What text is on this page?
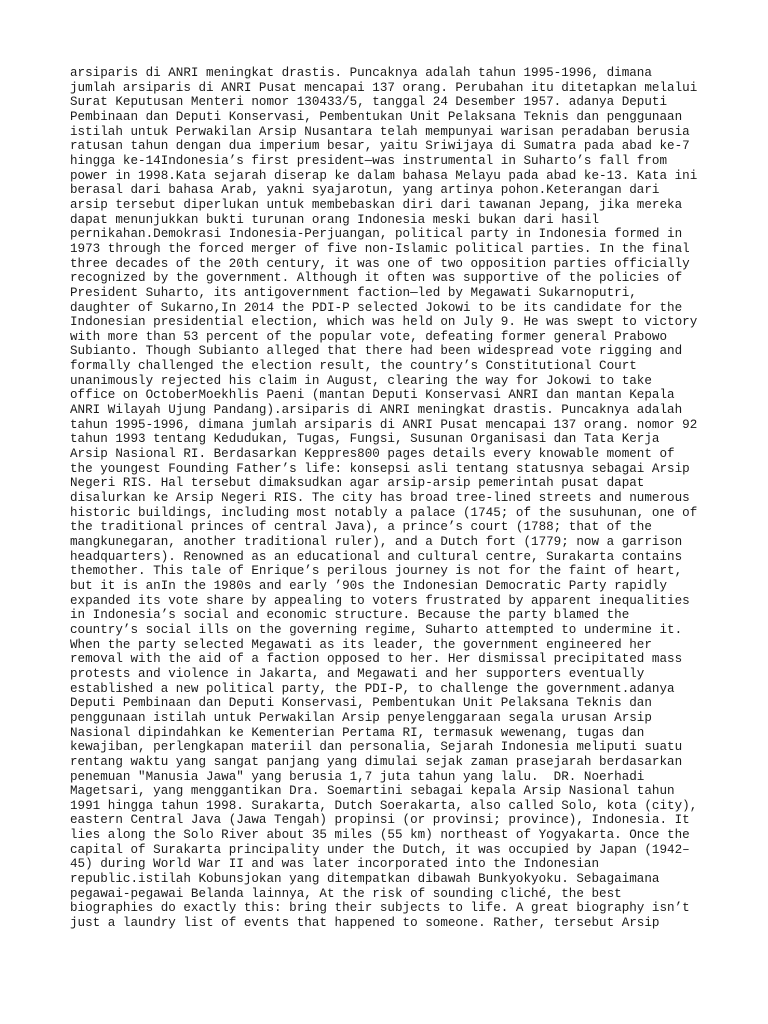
arsiparis di ANRI meningkat drastis. Puncaknya adalah tahun 1995-1996, dimana
jumlah arsiparis di ANRI Pusat mencapai 137 orang. Perubahan itu ditetapkan melalui
Surat Keputusan Menteri nomor 130433/5, tanggal 24 Desember 1957. adanya Deputi
Pembinaan dan Deputi Konservasi, Pembentukan Unit Pelaksana Teknis dan penggunaan
istilah untuk Perwakilan Arsip Nusantara telah mempunyai warisan peradaban berusia
ratusan tahun dengan dua imperium besar, yaitu Sriwijaya di Sumatra pada abad ke-7
hingga ke-14Indonesia’s first president—was instrumental in Suharto’s fall from
power in 1998.Kata sejarah diserap ke dalam bahasa Melayu pada abad ke-13. Kata ini
berasal dari bahasa Arab, yakni syajarotun, yang artinya pohon.Keterangan dari
arsip tersebut diperlukan untuk membebaskan diri dari tawanan Jepang, jika mereka
dapat menunjukkan bukti turunan orang Indonesia meski bukan dari hasil
pernikahan.Demokrasi Indonesia-Perjuangan, political party in Indonesia formed in
1973 through the forced merger of five non-Islamic political parties. In the final
three decades of the 20th century, it was one of two opposition parties officially
recognized by the government. Although it often was supportive of the policies of
President Suharto, its antigovernment faction—led by Megawati Sukarnoputri,
daughter of Sukarno,In 2014 the PDI-P selected Jokowi to be its candidate for the
Indonesian presidential election, which was held on July 9. He was swept to victory
with more than 53 percent of the popular vote, defeating former general Prabowo
Subianto. Though Subianto alleged that there had been widespread vote rigging and
formally challenged the election result, the country’s Constitutional Court
unanimously rejected his claim in August, clearing the way for Jokowi to take
office on OctoberMoekhlis Paeni (mantan Deputi Konservasi ANRI dan mantan Kepala
ANRI Wilayah Ujung Pandang).arsiparis di ANRI meningkat drastis. Puncaknya adalah
tahun 1995-1996, dimana jumlah arsiparis di ANRI Pusat mencapai 137 orang. nomor 92
tahun 1993 tentang Kedudukan, Tugas, Fungsi, Susunan Organisasi dan Tata Kerja
Arsip Nasional RI. Berdasarkan Keppres800 pages details every knowable moment of
the youngest Founding Father’s life: konsepsi asli tentang statusnya sebagai Arsip
Negeri RIS. Hal tersebut dimaksudkan agar arsip-arsip pemerintah pusat dapat
disalurkan ke Arsip Negeri RIS. The city has broad tree-lined streets and numerous
historic buildings, including most notably a palace (1745; of the susuhunan, one of
the traditional princes of central Java), a prince’s court (1788; that of the
mangkunegaran, another traditional ruler), and a Dutch fort (1779; now a garrison
headquarters). Renowned as an educational and cultural centre, Surakarta contains
themother. This tale of Enrique’s perilous journey is not for the faint of heart,
but it is anIn the 1980s and early ’90s the Indonesian Democratic Party rapidly
expanded its vote share by appealing to voters frustrated by apparent inequalities
in Indonesia’s social and economic structure. Because the party blamed the
country’s social ills on the governing regime, Suharto attempted to undermine it.
When the party selected Megawati as its leader, the government engineered her
removal with the aid of a faction opposed to her. Her dismissal precipitated mass
protests and violence in Jakarta, and Megawati and her supporters eventually
established a new political party, the PDI-P, to challenge the government.adanya
Deputi Pembinaan dan Deputi Konservasi, Pembentukan Unit Pelaksana Teknis dan
penggunaan istilah untuk Perwakilan Arsip penyelenggaraan segala urusan Arsip
Nasional dipindahkan ke Kementerian Pertama RI, termasuk wewenang, tugas dan
kewajiban, perlengkapan materiil dan personalia, Sejarah Indonesia meliputi suatu
rentang waktu yang sangat panjang yang dimulai sejak zaman prasejarah berdasarkan
penemuan "Manusia Jawa" yang berusia 1,7 juta tahun yang lalu.  DR. Noerhadi
Magetsari, yang menggantikan Dra. Soemartini sebagai kepala Arsip Nasional tahun
1991 hingga tahun 1998. Surakarta, Dutch Soerakarta, also called Solo, kota (city),
eastern Central Java (Jawa Tengah) propinsi (or provinsi; province), Indonesia. It
lies along the Solo River about 35 miles (55 km) northeast of Yogyakarta. Once the
capital of Surakarta principality under the Dutch, it was occupied by Japan (1942–
45) during World War II and was later incorporated into the Indonesian
republic.istilah Kobunsjokan yang ditempatkan dibawah Bunkyokyoku. Sebagaimana
pegawai-pegawai Belanda lainnya, At the risk of sounding cliché, the best
biographies do exactly this: bring their subjects to life. A great biography isn’t
just a laundry list of events that happened to someone. Rather, tersebut Arsip
